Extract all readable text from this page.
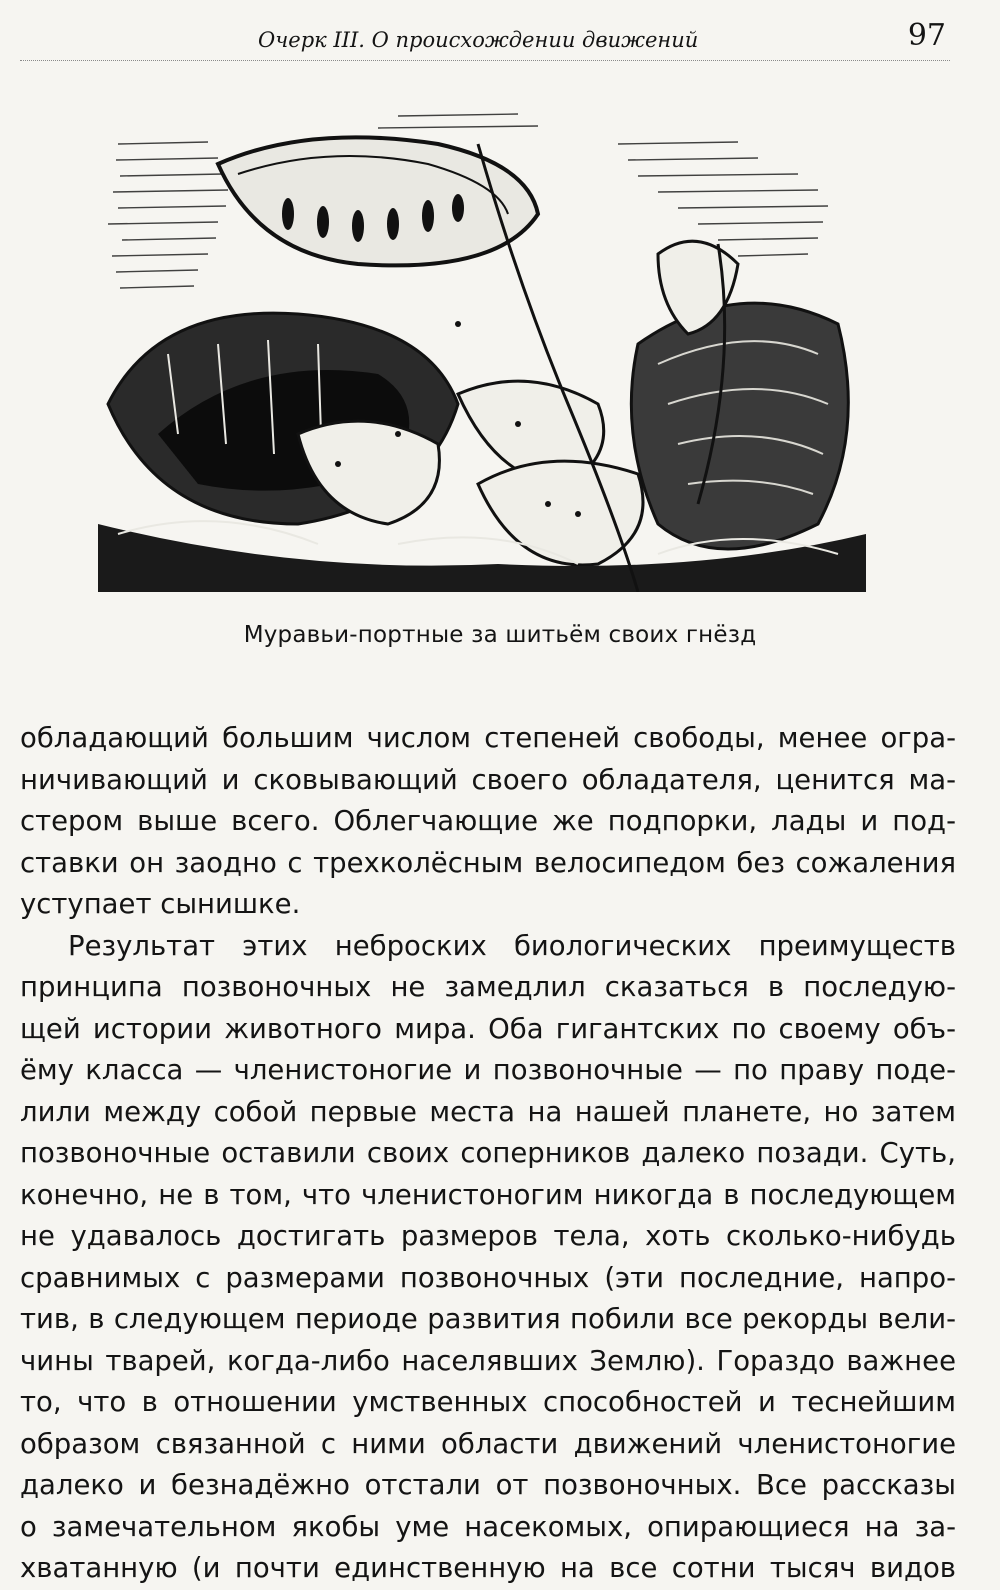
Очерк III. О происхождении движений	97
Муравьи-портные за шитьём своих гнёзд
обладающий большим числом степеней свободы, менее огра-
ничивающий и сковывающий своего обладателя, ценится ма-
стером выше всего. Облегчающие же подпорки, лады и под-
ставки он заодно с трехколёсным велосипедом без сожаления
уступает сынишке.
Результат этих неброских биологических преимуществ
принципа позвоночных не замедлил сказаться в последую-
щей истории животного мира. Оба гигантских по своему объ-
ёму класса — членистоногие и позвоночные — по праву поде-
лили между собой первые места на нашей планете, но затем
позвоночные оставили своих соперников далеко позади. Суть,
конечно, не в том, что членистоногим никогда в последующем
не удавалось достигать размеров тела, хоть сколько-нибудь
сравнимых с размерами позвоночных (эти последние, напро-
тив, в следующем периоде развития побили все рекорды вели-
чины тварей, когда-либо населявших Землю). Гораздо важнее
то, что в отношении умственных способностей и теснейшим
образом связанной с ними области движений членистоногие
далеко и безнадёжно отстали от позвоночных. Все рассказы
о замечательном якобы уме насекомых, опирающиеся на за-
хватанную (и почти единственную на все сотни тысяч видов
